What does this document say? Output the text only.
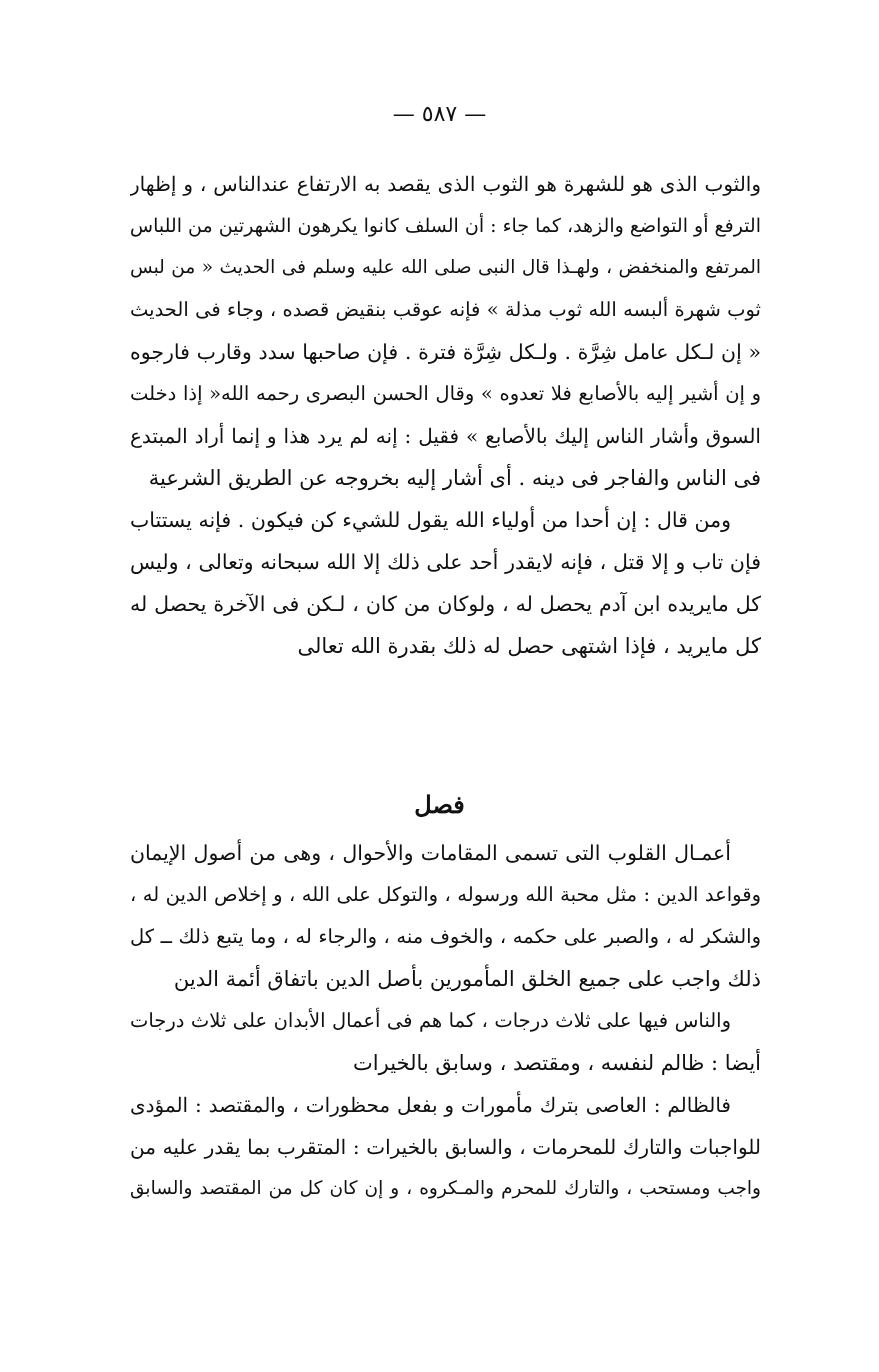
— ٥٨٧ —
والثوب الذى هو للشهرة هو الثوب الذى يقصد به الارتفاع عندالناس ، و إظهار
الترفع أو التواضع والزهد، كما جاء : أن السلف كانوا يكرهون الشهرتين من اللباس
المرتفع والمنخفض ، ولهـذا قال النبى صلى الله عليه وسلم فى الحديث « من لبس
ثوب شهرة ألبسه الله ثوب مذلة » فإنه عوقب بنقيض قصده ، وجاء فى الحديث
« إن لـكل عامل شِرَّة . ولـكل شِرَّة فترة . فإن صاحبها سدد وقارب فارجوه
و إن أشير إليه بالأصابع فلا تعدوه » وقال الحسن البصرى رحمه الله« إذا دخلت
السوق وأشار الناس إليك بالأصابع » فقيل : إنه لم يرد هذا و إنما أراد المبتدع
فى الناس والفاجر فى دينه . أى أشار إليه بخروجه عن الطريق الشرعية
ومن قال : إن أحدا من أولياء الله يقول للشيء كن فيكون . فإنه يستتاب
فإن تاب و إلا قتل ، فإنه لايقدر أحد على ذلك إلا الله سبحانه وتعالى ، وليس
كل مايريده ابن آدم يحصل له ، ولوكان من كان ، لـكن فى الآخرة يحصل له
كل مايريد ، فإذا اشتهى حصل له ذلك بقدرة الله تعالى
فصل
أعمـال القلوب التى تسمى المقامات والأحوال ، وهى من أصول الإيمان
وقواعد الدين : مثل محبة الله ورسوله ، والتوكل على الله ، و إخلاص الدين له ،
والشكر له ، والصبر على حكمه ، والخوف منه ، والرجاء له ، وما يتبع ذلك ــ كل
ذلك واجب على جميع الخلق المأمورين بأصل الدين باتفاق أئمة الدين
والناس فيها على ثلاث درجات ، كما هم فى أعمال الأبدان على ثلاث درجات
أيضا : ظالم لنفسه ، ومقتصد ، وسابق بالخيرات
فالظالم : العاصى بترك مأمورات و بفعل محظورات ، والمقتصد : المؤدى
للواجبات والتارك للمحرمات ، والسابق بالخيرات : المتقرب بما يقدر عليه من
واجب ومستحب ، والتارك للمحرم والمـكروه ، و إن كان كل من المقتصد والسابق
